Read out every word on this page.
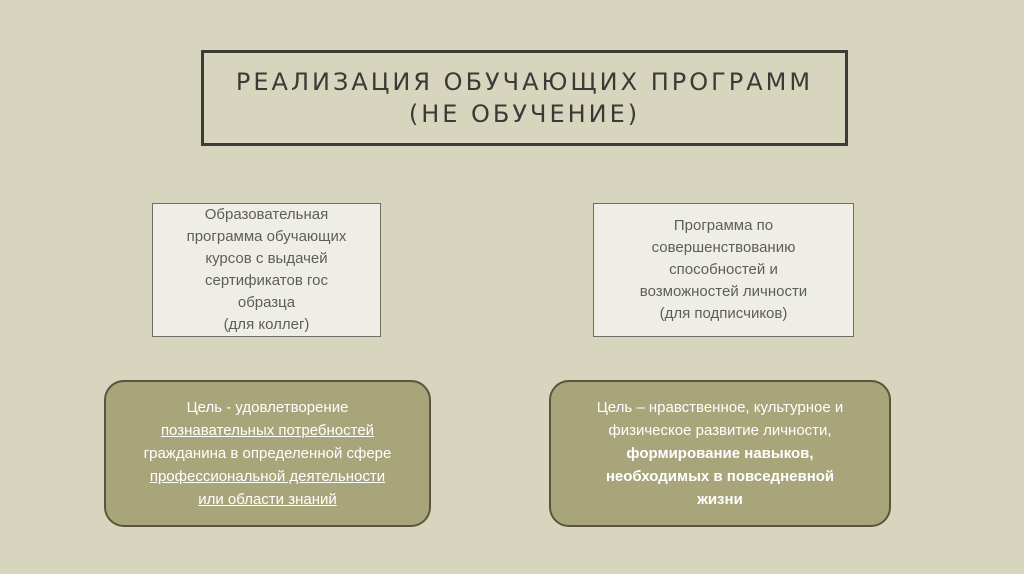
РЕАЛИЗАЦИЯ ОБУЧАЮЩИХ ПРОГРАММ
(НЕ ОБУЧЕНИЕ)
Образовательная
программа обучающих
курсов с выдачей
сертификатов гос
образца
(для коллег)
Программа по
совершенствованию
способностей и
возможностей личности
(для подписчиков)
Цель - удовлетворение
познавательных потребностей
гражданина в определенной сфере
профессиональной деятельности
или области знаний
Цель – нравственное, культурное и
физическое развитие личности,
формирование навыков,
необходимых в повседневной
жизни
